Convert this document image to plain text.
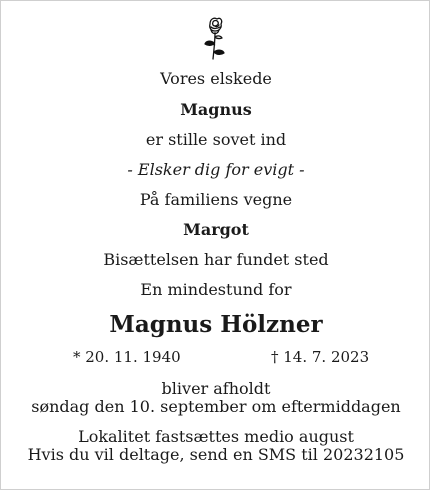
Vores elskede
Magnus
er stille sovet ind
- Elsker dig for evigt -
På familiens vegne
Margot
Bisættelsen har fundet sted
En mindestund for
Magnus Hölzner
* 20. 11. 1940	† 14. 7. 2023
bliver afholdt
søndag den 10. september om eftermiddagen
Lokalitet fastsættes medio august
Hvis du vil deltage, send en SMS til 20232105
